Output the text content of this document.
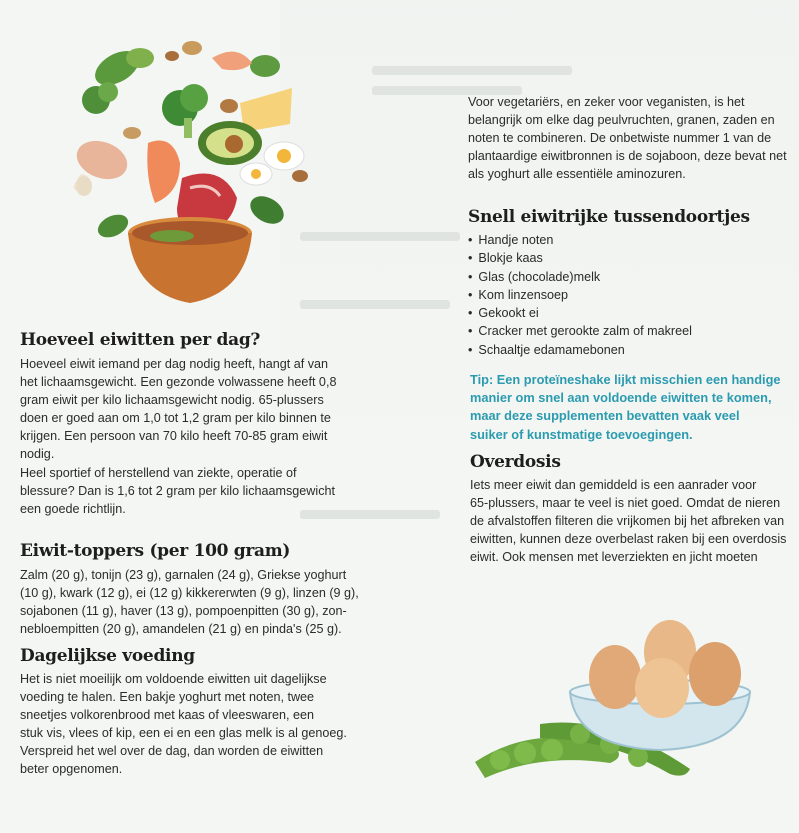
Hoeveel eiwitten per dag?
Hoeveel eiwit iemand per dag nodig heeft, hangt af van
het lichaamsgewicht. Een gezonde volwassene heeft 0,8
gram eiwit per kilo lichaamsgewicht nodig. 65-plussers
doen er goed aan om 1,0 tot 1,2 gram per kilo binnen te
krijgen. Een persoon van 70 kilo heeft 70-85 gram eiwit
nodig.
Heel sportief of herstellend van ziekte, operatie of
blessure? Dan is 1,6 tot 2 gram per kilo lichaamsgewicht
een goede richtlijn.
Eiwit-toppers (per 100 gram)
Zalm (20 g), tonijn (23 g), garnalen (24 g), Griekse yoghurt
(10 g), kwark (12 g), ei (12 g) kikkererwten (9 g), linzen (9 g),
sojabonen (11 g), haver (13 g), pompoenpitten (30 g), zon-
nebloempitten (20 g), amandelen (21 g) en pinda's (25 g).
Dagelijkse voeding
Het is niet moeilijk om voldoende eiwitten uit dagelijkse
voeding te halen. Een bakje yoghurt met noten, twee
sneetjes volkorenbrood met kaas of vleeswaren, een
stuk vis, vlees of kip, een ei en een glas melk is al genoeg.
Verspreid het wel over de dag, dan worden de eiwitten
beter opgenomen.
Voor vegetariërs, en zeker voor veganisten, is het
belangrijk om elke dag peulvruchten, granen, zaden en
noten te combineren. De onbetwiste nummer 1 van de
plantaardige eiwitbronnen is de sojaboon, deze bevat net
als yoghurt alle essentiële aminozuren.
Snell eiwitrijke tussendoortjes
• Handje noten
• Blokje kaas
• Glas (chocolade)melk
• Kom linzensoep
• Gekookt ei
• Cracker met gerookte zalm of makreel
• Schaaltje edamamebonen
Tip: Een proteïneshake lijkt misschien een handige
manier om snel aan voldoende eiwitten te komen,
maar deze supplementen bevatten vaak veel
suiker of kunstmatige toevoegingen.
Overdosis
Iets meer eiwit dan gemiddeld is een aanrader voor
65-plussers, maar te veel is niet goed. Omdat de nieren
de afvalstoffen filteren die vrijkomen bij het afbreken van
eiwitten, kunnen deze overbelast raken bij een overdosis
eiwit. Ook mensen met leverziekten en jicht moeten
